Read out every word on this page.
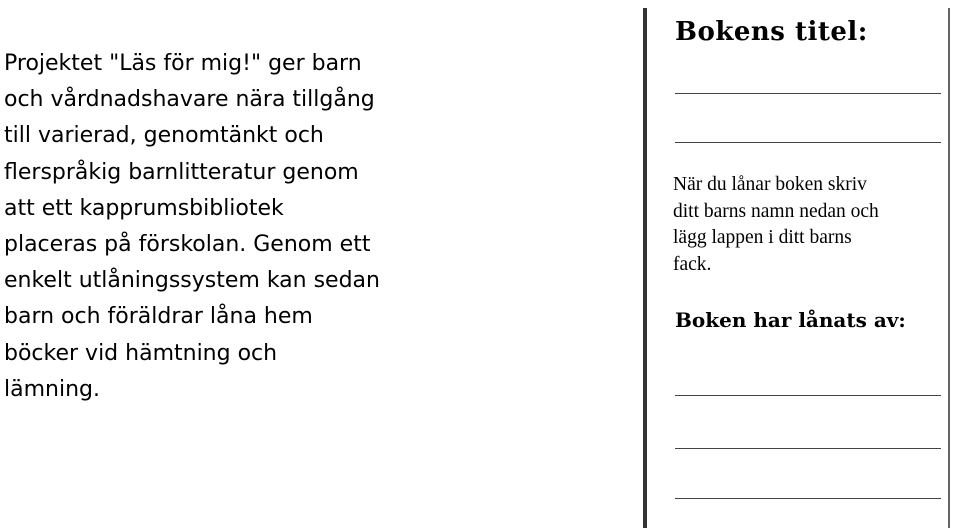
Projektet "Läs för mig!" ger barn
och vårdnadshavare nära tillgång
till varierad, genomtänkt och
flerspråkig barnlitteratur genom
att ett kapprumsbibliotek
placeras på förskolan. Genom ett
enkelt utlåningssystem kan sedan
barn och föräldrar låna hem
böcker vid hämtning och
lämning.
Bokens titel:
När du lånar boken skriv
ditt barns namn nedan och
lägg lappen i ditt barns
fack.
Boken har lånats av:
